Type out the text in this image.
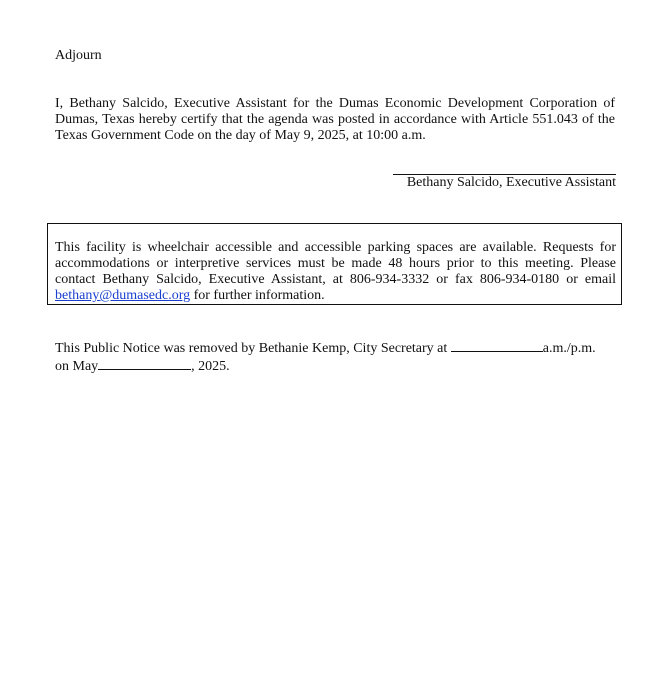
Adjourn
I, Bethany Salcido, Executive Assistant for the Dumas Economic Development Corporation of Dumas, Texas hereby certify that the agenda was posted in accordance with Article 551.043 of the Texas Government Code on the day of May 9, 2025, at 10:00 a.m.
Bethany Salcido, Executive Assistant
This facility is wheelchair accessible and accessible parking spaces are available. Requests for accommodations or interpretive services must be made 48 hours prior to this meeting. Please contact Bethany Salcido, Executive Assistant, at 806-934-3332 or fax 806-934-0180 or email bethany@dumasedc.org for further information.
This Public Notice was removed by Bethanie Kemp, City Secretary at	a.m./p.m.
on May	, 2025.
